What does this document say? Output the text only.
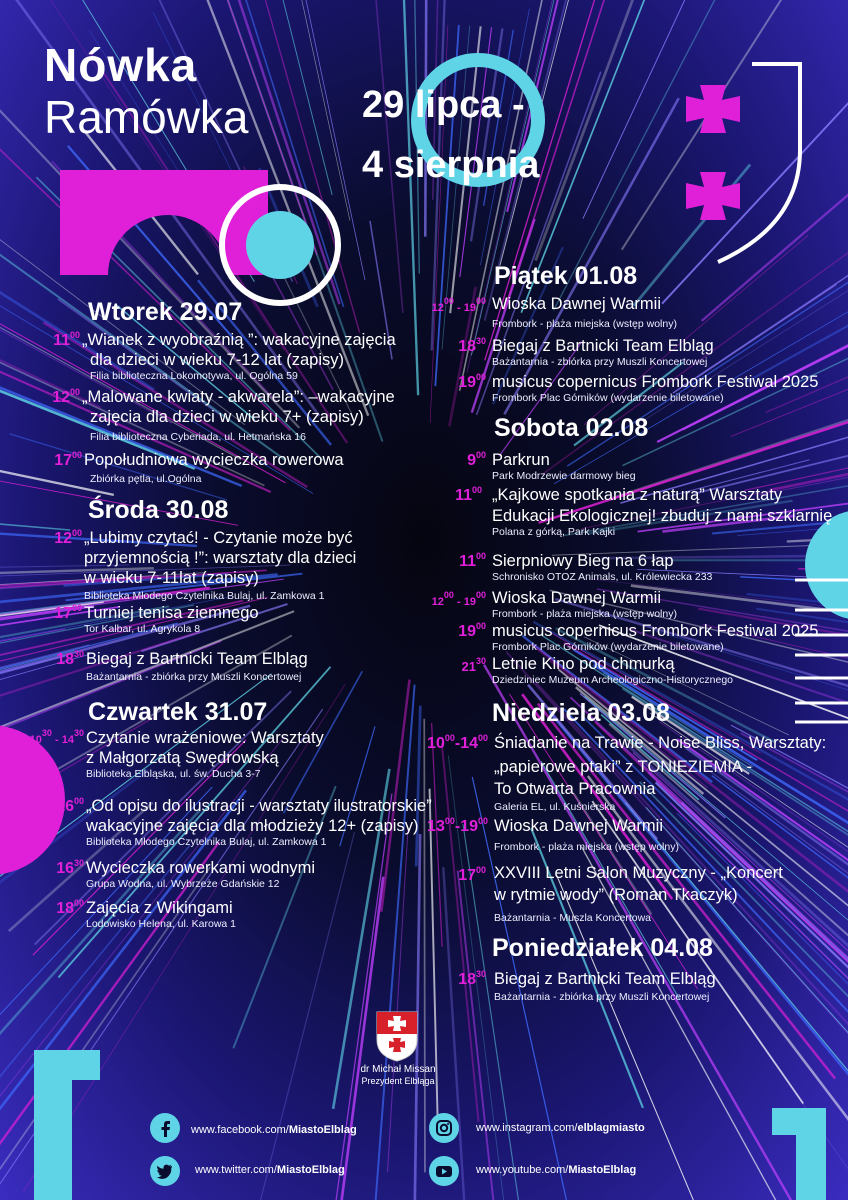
Nówka
Ramówka	29 lipca -
4 sierpnia
Wtorek 29.07
$11^{00}$ „Wianek z wyobraźnią ”: wakacyjne zajęcia
dla dzieci w wieku 7-12 lat (zapisy)
Filia biblioteczna Lokomotywa, ul. Ogólna 59
$12^{00}$ „Malowane kwiaty - akwarela”: –wakacyjne
zajęcia dla dzieci w wieku 7+ (zapisy)
Filia biblioteczna Cyberiada, ul. Hetmańska 16
$17^{00}$ Popołudniowa wycieczka rowerowa
Zbiórka pętla, ul.Ogólna
Środa 30.08
$12^{00}$ „Lubimy czytać! - Czytanie może być
przyjemnością !”: warsztaty dla dzieci
w wieku 7-11lat (zapisy)
Biblioteka Młodego Czytelnika Bulaj, ul. Zamkowa 1
$17^{00}$ Turniej tenisa ziemnego
Tor Kalbar, ul. Agrykola 8
$18^{30}$ Biegaj z Bartnicki Team Elbląg
Bażantarnia - zbiórka przy Muszli Koncertowej
Czwartek 31.07
$10^{30} - 14^{30}$ Czytanie wrażeniowe: Warsztaty
z Małgorzatą Swędrowską
Biblioteka Elbląska, ul. św. Ducha 3-7
$16^{00}$ „Od opisu do ilustracji - warsztaty ilustratorskie”
wakacyjne zajęcia dla młodzieży 12+ (zapisy)
Biblioteka Młodego Czytelnika Bulaj, ul. Zamkowa 1
$16^{30}$ Wycieczka rowerkami wodnymi
Grupa Wodna, ul. Wybrzeże Gdańskie 12
$18^{00}$ Zajęcia z Wikingami
Lodowisko Helena, ul. Karowa 1
Piątek 01.08
$12^{00} - 19^{00}$ Wioska Dawnej Warmii
Frombork - plaża miejska (wstęp wolny)
$18^{30}$ Biegaj z Bartnicki Team Elbląg
Bażantarnia - zbiórka przy Muszli Koncertowej
$19^{00}$ musicus copernicus Frombork Festiwal 2025
Frombork Plac Górników (wydarzenie biletowane)
Sobota 02.08
$9^{00}$ Parkrun
Park Modrzewie darmowy bieg
$11^{00}$ „Kajkowe spotkania z naturą” Warsztaty
Edukacji Ekologicznej! zbuduj z nami szklarnię
Polana z górką, Park Kajki
$11^{00}$ Sierpniowy Bieg na 6 łap
Schronisko OTOZ Animals, ul. Królewiecka 233
$12^{00} - 19^{00}$ Wioska Dawnej Warmii
Frombork - plaża miejska (wstęp wolny)
$19^{00}$ musicus copernicus Frombork Festiwal 2025
Frombork Plac Górników (wydarzenie biletowane)
$21^{30}$ Letnie Kino pod chmurką
Dziedziniec Muzeum Archeologiczno-Historycznego
Niedziela 03.08
$10^{00}-14^{00}$ Śniadanie na Trawie - Noise Bliss, Warsztaty:
„papierowe ptaki” z TONIEZIEMIA -
To Otwarta Pracownia
Galeria EL, ul. Kuśnierska
$13^{00}-19^{00}$ Wioska Dawnej Warmii
Frombork - plaża miejska (wstęp wolny)
$17^{00}$ XXVIII Letni Salon Muzyczny - „Koncert
w rytmie wody” (Roman Tkaczyk)
Bażantarnia - Muszla Koncertowa
Poniedziałek 04.08
$18^{30}$ Biegaj z Bartnicki Team Elbląg
Bażantarnia - zbiórka przy Muszli Koncertowej
dr Michał Missan
Prezydent Elbląga
www.facebook.com/MiastoElblag	www.instagram.com/elblagmiasto
www.twitter.com/MiastoElblag	www.youtube.com/MiastoElblag
